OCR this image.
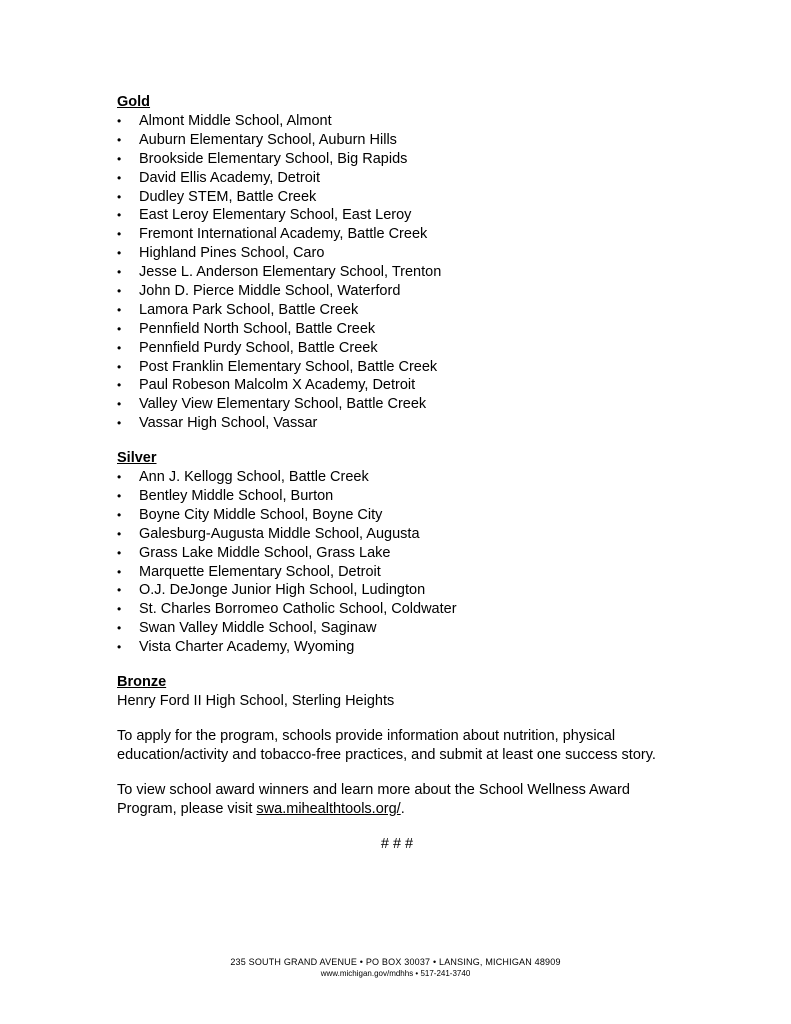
Gold
• Almont Middle School, Almont
• Auburn Elementary School, Auburn Hills
• Brookside Elementary School, Big Rapids
• David Ellis Academy, Detroit
• Dudley STEM, Battle Creek
• East Leroy Elementary School, East Leroy
• Fremont International Academy, Battle Creek
• Highland Pines School, Caro
• Jesse L. Anderson Elementary School, Trenton
• John D. Pierce Middle School, Waterford
• Lamora Park School, Battle Creek
• Pennfield North School, Battle Creek
• Pennfield Purdy School, Battle Creek
• Post Franklin Elementary School, Battle Creek
• Paul Robeson Malcolm X Academy, Detroit
• Valley View Elementary School, Battle Creek
• Vassar High School, Vassar
Silver
• Ann J. Kellogg School, Battle Creek
• Bentley Middle School, Burton
• Boyne City Middle School, Boyne City
• Galesburg-Augusta Middle School, Augusta
• Grass Lake Middle School, Grass Lake
• Marquette Elementary School, Detroit
• O.J. DeJonge Junior High School, Ludington
• St. Charles Borromeo Catholic School, Coldwater
• Swan Valley Middle School, Saginaw
• Vista Charter Academy, Wyoming
Bronze
Henry Ford II High School, Sterling Heights
To apply for the program, schools provide information about nutrition, physical education/activity and tobacco-free practices, and submit at least one success story.
To view school award winners and learn more about the School Wellness Award Program, please visit swa.mihealthtools.org/.
# # #
235 SOUTH GRAND AVENUE • PO BOX 30037 • LANSING, MICHIGAN 48909
www.michigan.gov/mdhhs • 517-241-3740
